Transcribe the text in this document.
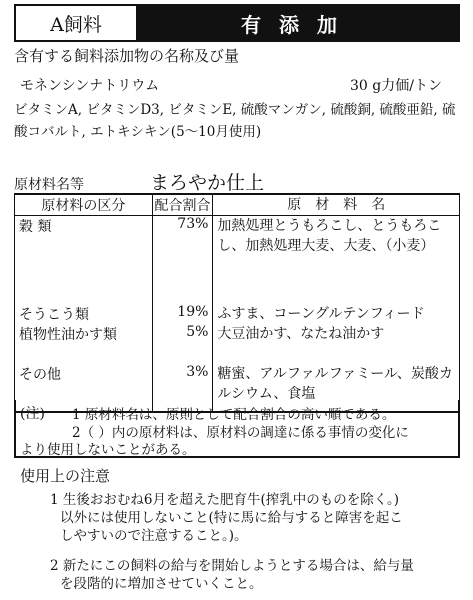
A飼料	有添加
含有する飼料添加物の名称及び量
モネンシンナトリウム	30 g力価/トン
ビタミンA, ビタミンD3, ビタミンE, 硫酸マンガン, 硫酸銅, 硫酸亜鉛, 硫
酸コバルト, エトキシキン(5～10月使用)
原材料名等	まろやか仕上
原材料の区分	配合割合	原　材　料　名
穀 類	73%	加熱処理とうもろこし、とうもろこし、加熱処理大麦、大麦、（小麦）
そうこう類	19%	ふすま、コーングルテンフィード
植物性油かす類	5%	大豆油かす、なたね油かす
その他	3%	糖蜜、アルファルファミール、炭酸カルシウム、食塩
(注) 1 原材料名は、原則として配合割合の高い順である。
2（ ）内の原材料は、原材料の調達に係る事情の変化に
より使用しないことがある。
使用上の注意
1 生後おおむね6月を超えた肥育牛(搾乳中のものを除く。)
以外には使用しないこと(特に馬に給与すると障害を起こ
しやすいので注意すること。)。
2 新たにこの飼料の給与を開始しようとする場合は、給与量
を段階的に増加させていくこと。
